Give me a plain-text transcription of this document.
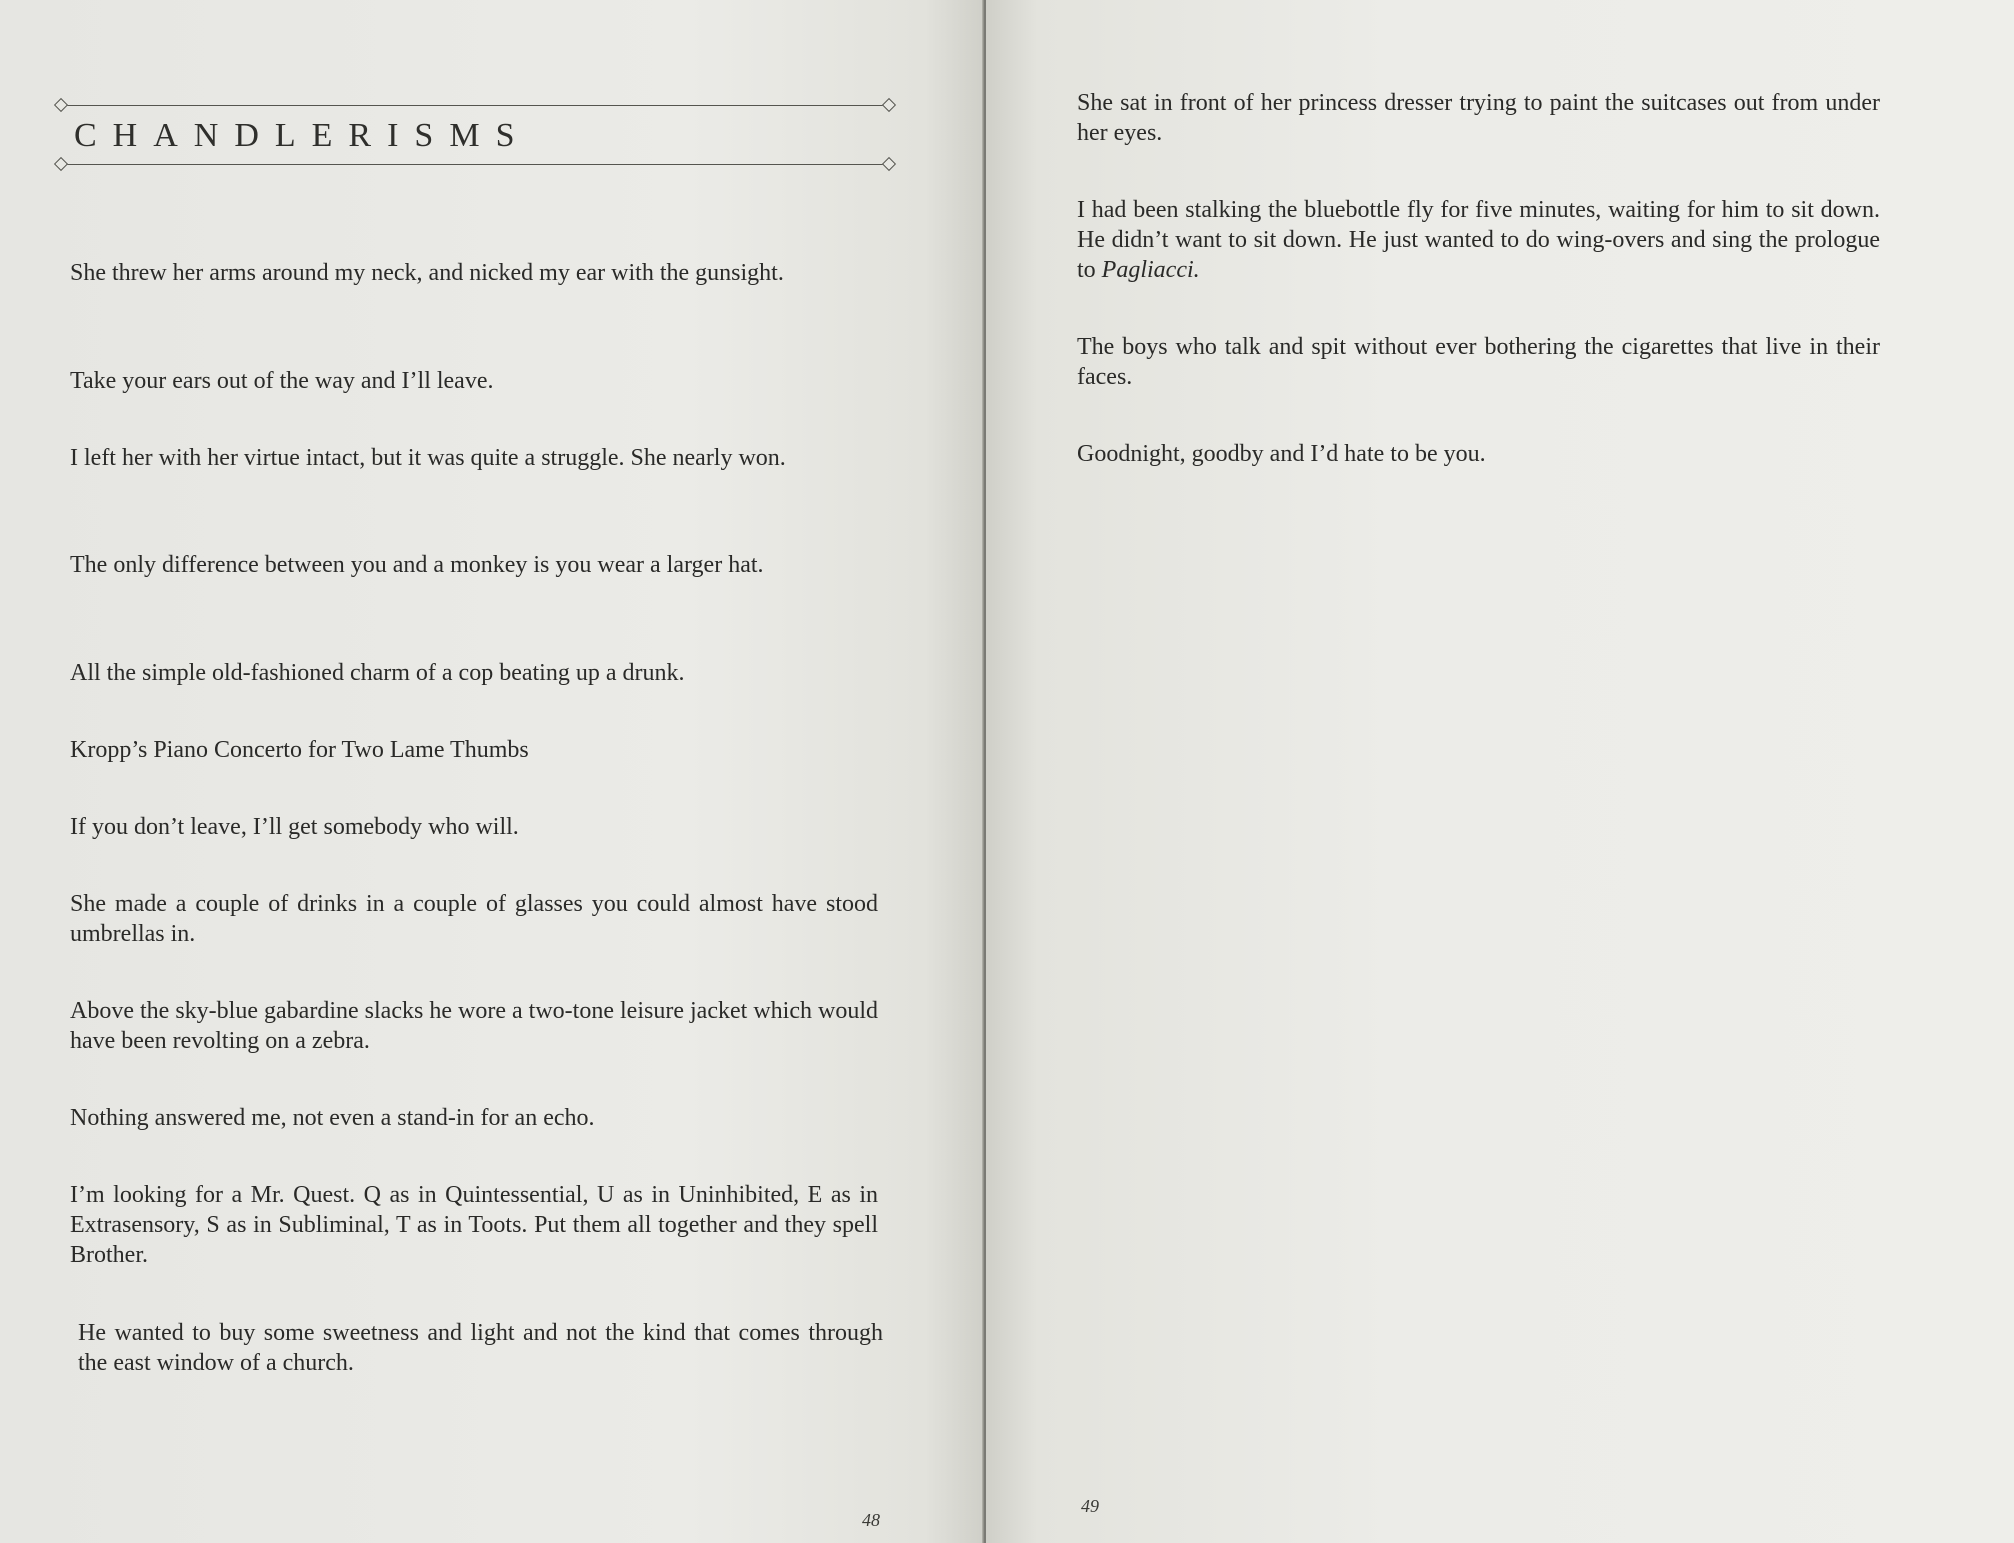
CHANDLERISMS

She threw her arms around my neck, and nicked my ear with the gunsight.

Take your ears out of the way and I’ll leave.

I left her with her virtue intact, but it was quite a struggle. She nearly won.

The only difference between you and a monkey is you wear a larger hat.

All the simple old-fashioned charm of a cop beating up a drunk.

Kropp’s Piano Concerto for Two Lame Thumbs

If you don’t leave, I’ll get somebody who will.

She made a couple of drinks in a couple of glasses you could almost have stood umbrellas in.

Above the sky-blue gabardine slacks he wore a two-tone leisure jacket which would have been revolting on a zebra.

Nothing answered me, not even a stand-in for an echo.

I’m looking for a Mr. Quest. Q as in Quintessential, U as in Uninhibited, E as in Extrasensory, S as in Subliminal, T as in Toots. Put them all together and they spell Brother.

He wanted to buy some sweetness and light and not the kind that comes through the east window of a church.

48

She sat in front of her princess dresser trying to paint the suitcases out from under her eyes.

I had been stalking the bluebottle fly for five minutes, waiting for him to sit down. He didn’t want to sit down. He just wanted to do wing-overs and sing the prologue to Pagliacci.

The boys who talk and spit without ever bothering the cigarettes that live in their faces.

Goodnight, goodby and I’d hate to be you.

49
